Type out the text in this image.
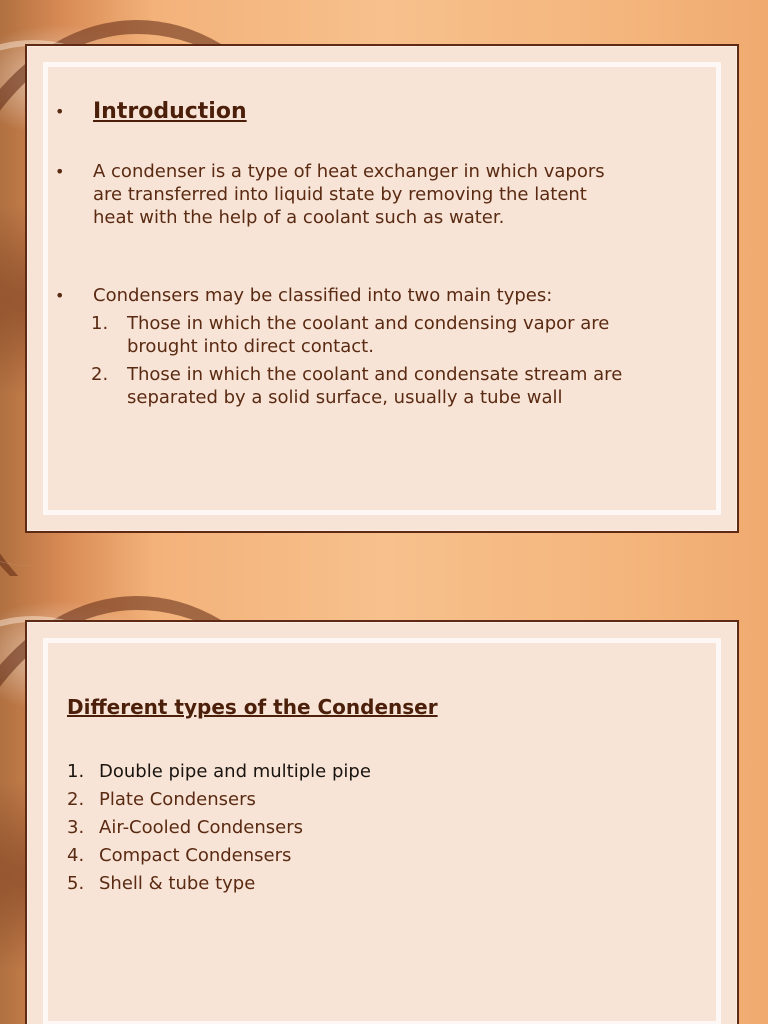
•	Introduction
•	A condenser is a type of heat exchanger in which vapors are transferred into liquid state by removing the latent heat with the help of a coolant such as water.
•	Condensers may be classified into two main types:
1.	Those in which the coolant and condensing vapor are brought into direct contact.
2.	Those in which the coolant and condensate stream are separated by a solid surface, usually a tube wall
Different types of the Condenser
1. Double pipe and multiple pipe
2. Plate Condensers
3. Air-Cooled Condensers
4. Compact Condensers
5. Shell & tube type
